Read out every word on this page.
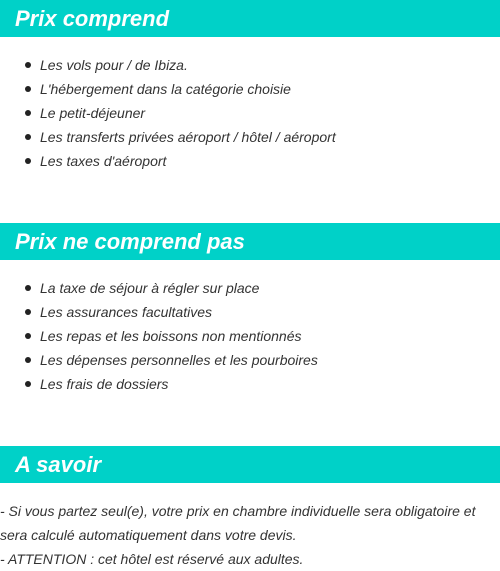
Prix comprend
Les vols pour / de Ibiza.
L'hébergement dans la catégorie choisie
Le petit-déjeuner
Les transferts privées aéroport / hôtel / aéroport
Les taxes d'aéroport
Prix ne comprend pas
La taxe de séjour à régler sur place
Les assurances facultatives
Les repas et les boissons non mentionnés
Les dépenses personnelles et les pourboires
Les frais de dossiers
A savoir

- Si vous partez seul(e), votre prix en chambre individuelle sera obligatoire et sera calculé automatiquement dans votre devis.

- ATTENTION : cet hôtel est réservé aux adultes.
